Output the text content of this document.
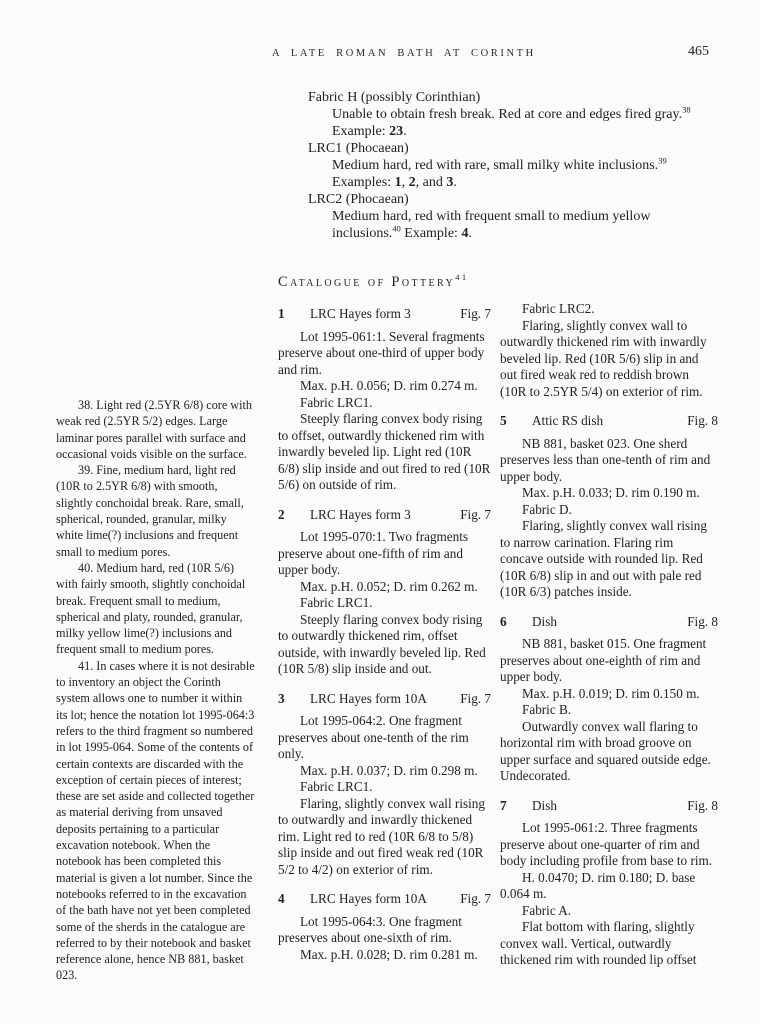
A LATE ROMAN BATH AT CORINTH	465
Fabric H (possibly Corinthian)
Unable to obtain fresh break. Red at core and edges fired gray.$^{38}$
Example: 23.
LRC1 (Phocaean)
Medium hard, red with rare, small milky white inclusions.$^{39}$
Examples: 1, 2, and 3.
LRC2 (Phocaean)
Medium hard, red with frequent small to medium yellow inclusions.$^{40}$ Example: 4.
Catalogue of Pottery$^{41}$

38. Light red (2.5YR 6/8) core with weak red (2.5YR 5/2) edges. Large laminar pores parallel with surface and occasional voids visible on the surface.

39. Fine, medium hard, light red (10R to 2.5YR 6/8) with smooth, slightly conchoidal break. Rare, small, spherical, rounded, granular, milky white lime(?) inclusions and frequent small to medium pores.

40. Medium hard, red (10R 5/6) with fairly smooth, slightly conchoidal break. Frequent small to medium, spherical and platy, rounded, granular, milky yellow lime(?) inclusions and frequent small to medium pores.

41. In cases where it is not desirable to inventory an object the Corinth system allows one to number it within its lot; hence the notation lot 1995-064:3 refers to the third fragment so numbered in lot 1995-064. Some of the contents of certain contexts are discarded with the exception of certain pieces of interest; these are set aside and collected together as material deriving from unsaved deposits pertaining to a particular excavation notebook. When the notebook has been completed this material is given a lot number. Since the notebooks referred to in the excavation of the bath have not yet been completed some of the sherds in the catalogue are referred to by their notebook and basket reference alone, hence NB 881, basket 023.

1	LRC Hayes form 3	Fig. 7

Lot 1995-061:1. Several fragments preserve about one-third of upper body and rim.

Max. p.H. 0.056; D. rim 0.274 m.

Fabric LRC1.

Steeply flaring convex body rising to offset, outwardly thickened rim with inwardly beveled lip. Light red (10R 6/8) slip inside and out fired to red (10R 5/6) on outside of rim.

2	LRC Hayes form 3	Fig. 7

Lot 1995-070:1. Two fragments preserve about one-fifth of rim and upper body.

Max. p.H. 0.052; D. rim 0.262 m.

Fabric LRC1.

Steeply flaring convex body rising to outwardly thickened rim, offset outside, with inwardly beveled lip. Red (10R 5/8) slip inside and out.

3	LRC Hayes form 10A	Fig. 7

Lot 1995-064:2. One fragment preserves about one-tenth of the rim only.

Max. p.H. 0.037; D. rim 0.298 m.

Fabric LRC1.

Flaring, slightly convex wall rising to outwardly and inwardly thickened rim. Light red to red (10R 6/8 to 5/8) slip inside and out fired weak red (10R 5/2 to 4/2) on exterior of rim.

4	LRC Hayes form 10A	Fig. 7

Lot 1995-064:3. One fragment preserves about one-sixth of rim.

Max. p.H. 0.028; D. rim 0.281 m.

Fabric LRC2.

Flaring, slightly convex wall to outwardly thickened rim with inwardly beveled lip. Red (10R 5/6) slip in and out fired weak red to reddish brown (10R to 2.5YR 5/4) on exterior of rim.

5	Attic RS dish	Fig. 8

NB 881, basket 023. One sherd preserves less than one-tenth of rim and upper body.

Max. p.H. 0.033; D. rim 0.190 m.

Fabric D.

Flaring, slightly convex wall rising to narrow carination. Flaring rim concave outside with rounded lip. Red (10R 6/8) slip in and out with pale red (10R 6/3) patches inside.

6	Dish	Fig. 8

NB 881, basket 015. One fragment preserves about one-eighth of rim and upper body.

Max. p.H. 0.019; D. rim 0.150 m.

Fabric B.

Outwardly convex wall flaring to horizontal rim with broad groove on upper surface and squared outside edge. Undecorated.

7	Dish	Fig. 8

Lot 1995-061:2. Three fragments preserve about one-quarter of rim and body including profile from base to rim.

H. 0.0470; D. rim 0.180; D. base 0.064 m.

Fabric A.

Flat bottom with flaring, slightly convex wall. Vertical, outwardly thickened rim with rounded lip offset
